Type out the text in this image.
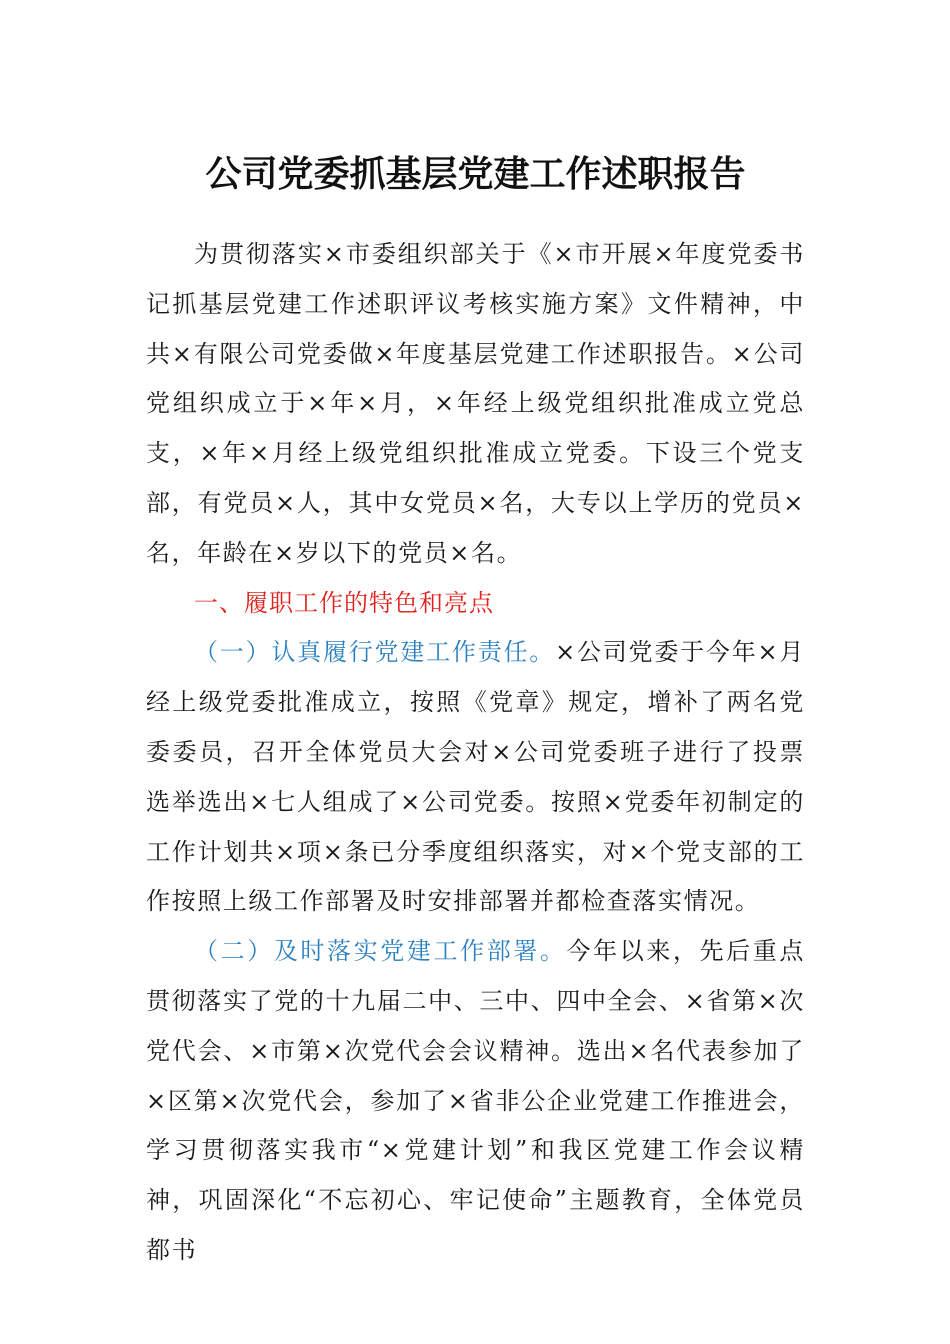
公司党委抓基层党建工作述职报告

为贯彻落实×市委组织部关于《×市开展×年度党委书记抓基层党建工作述职评议考核实施方案》文件精神，中共×有限公司党委做×年度基层党建工作述职报告。×公司党组织成立于×年×月，×年经上级党组织批准成立党总支，×年×月经上级党组织批准成立党委。下设三个党支部，有党员×人，其中女党员×名，大专以上学历的党员×名，年龄在×岁以下的党员×名。

一、履职工作的特色和亮点

（一）认真履行党建工作责任。×公司党委于今年×月经上级党委批准成立，按照《党章》规定，增补了两名党委委员，召开全体党员大会对×公司党委班子进行了投票选举选出×七人组成了×公司党委。按照×党委年初制定的工作计划共×项×条已分季度组织落实，对×个党支部的工作按照上级工作部署及时安排部署并都检查落实情况。

（二）及时落实党建工作部署。今年以来，先后重点贯彻落实了党的十九届二中、三中、四中全会、×省第×次党代会、×市第×次党代会会议精神。选出×名代表参加了×区第×次党代会，参加了×省非公企业党建工作推进会，学习贯彻落实我市“×党建计划”和我区党建工作会议精神，巩固深化“不忘初心、牢记使命”主题教育，全体党员都书
